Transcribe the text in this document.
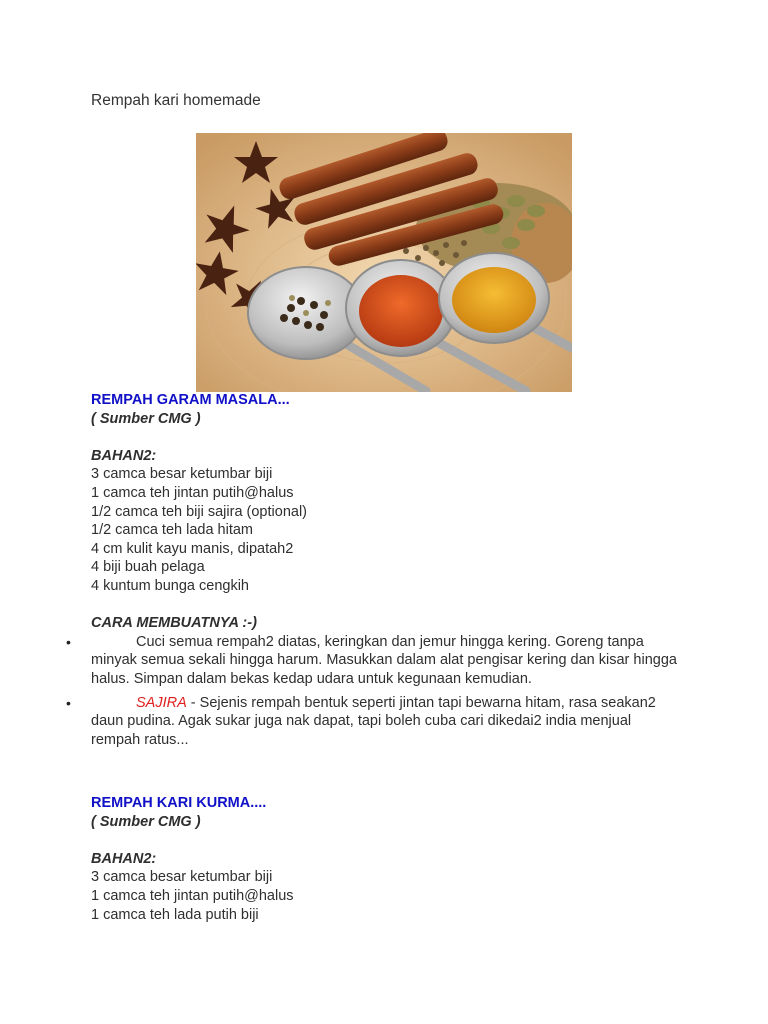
Rempah kari homemade

REMPAH GARAM MASALA...

( Sumber CMG )

BAHAN2:

3 camca besar ketumbar biji
1 camca teh jintan putih@halus
1/2 camca teh biji sajira (optional)
1/2 camca teh lada hitam
4 cm kulit kayu manis, dipatah2
4 biji buah pelaga
4 kuntum bunga cengkih

CARA MEMBUATNYA :-)

•	Cuci semua rempah2 diatas, keringkan dan jemur hingga kering. Goreng tanpa minyak semua sekali hingga harum. Masukkan dalam alat pengisar kering dan kisar hingga halus. Simpan dalam bekas kedap udara untuk kegunaan kemudian.
•	SAJIRA - Sejenis rempah bentuk seperti jintan tapi bewarna hitam, rasa seakan2 daun pudina. Agak sukar juga nak dapat, tapi boleh cuba cari dikedai2 india menjual rempah ratus...

REMPAH KARI KURMA....

( Sumber CMG )

BAHAN2:

3 camca besar ketumbar biji
1 camca teh jintan putih@halus
1 camca teh lada putih biji
